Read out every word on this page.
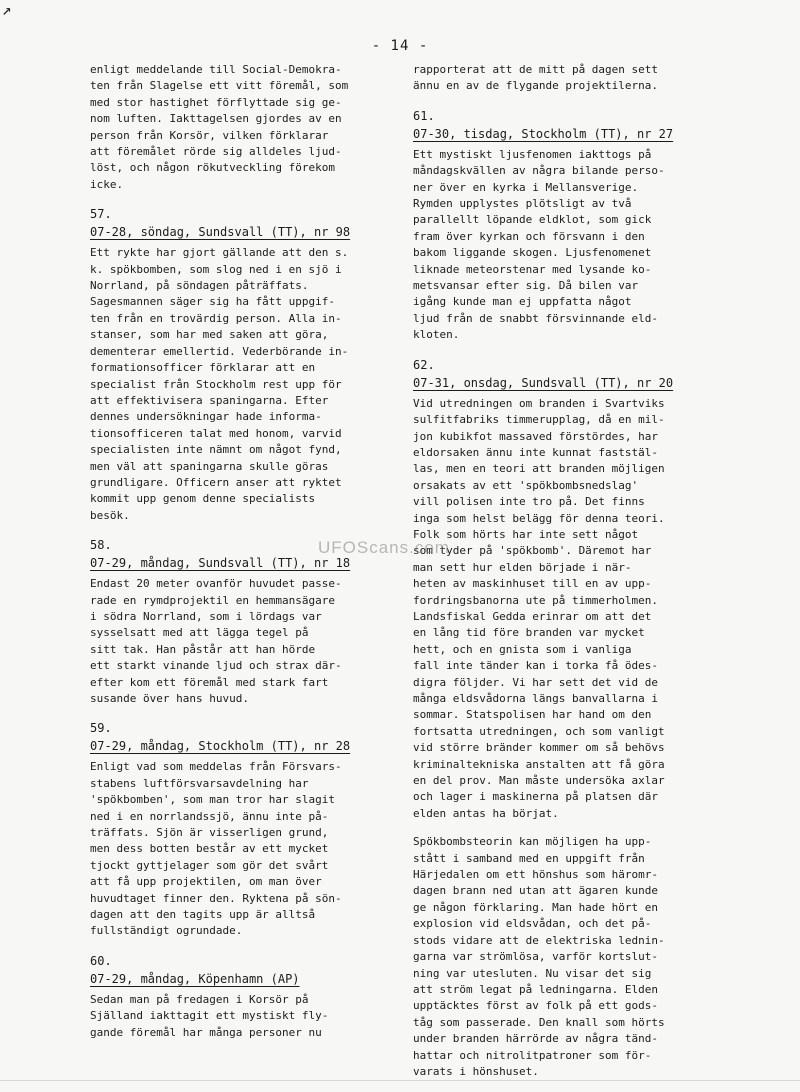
↗
- 14 -
enligt meddelande till Social-Demokra-
ten från Slagelse ett vitt föremål, som
med stor hastighet förflyttade sig ge-
nom luften. Iakttagelsen gjordes av en
person från Korsör, vilken förklarar
att föremålet rörde sig alldeles ljud-
löst, och någon rökutveckling förekom
icke.
57.
07-28, söndag, Sundsvall (TT), nr 98
Ett rykte har gjort gällande att den s.
k. spökbomben, som slog ned i en sjö i
Norrland, på söndagen påträffats.
Sagesmannen säger sig ha fått uppgif-
ten från en trovärdig person. Alla in-
stanser, som har med saken att göra,
dementerar emellertid. Vederbörande in-
formationsofficer förklarar att en
specialist från Stockholm rest upp för
att effektivisera spaningarna. Efter
dennes undersökningar hade informa-
tionsofficeren talat med honom, varvid
specialisten inte nämnt om något fynd,
men väl att spaningarna skulle göras
grundligare. Officern anser att ryktet
kommit upp genom denne specialists
besök.
58.
07-29, måndag, Sundsvall (TT), nr 18
Endast 20 meter ovanför huvudet passe-
rade en rymdprojektil en hemmansägare
i södra Norrland, som i lördags var
sysselsatt med att lägga tegel på
sitt tak. Han påstår att han hörde
ett starkt vinande ljud och strax där-
efter kom ett föremål med stark fart
susande över hans huvud.
59.
07-29, måndag, Stockholm (TT), nr 28
Enligt vad som meddelas från Försvars-
stabens luftförsvarsavdelning har
'spökbomben', som man tror har slagit
ned i en norrlandssjö, ännu inte på-
träffats. Sjön är visserligen grund,
men dess botten består av ett mycket
tjockt gyttjelager som gör det svårt
att få upp projektilen, om man över
huvudtaget finner den. Ryktena på sön-
dagen att den tagits upp är alltså
fullständigt ogrundade.
60.
07-29, måndag, Köpenhamn (AP)
Sedan man på fredagen i Korsör på
Själland iakttagit ett mystiskt fly-
gande föremål har många personer nu
rapporterat att de mitt på dagen sett
ännu en av de flygande projektilerna.
61.
07-30, tisdag, Stockholm (TT), nr 27
Ett mystiskt ljusfenomen iakttogs på
måndagskvällen av några bilande perso-
ner över en kyrka i Mellansverige.
Rymden upplystes plötsligt av två
parallellt löpande eldklot, som gick
fram över kyrkan och försvann i den
bakom liggande skogen. Ljusfenomenet
liknade meteorstenar med lysande ko-
metsvansar efter sig. Då bilen var
igång kunde man ej uppfatta något
ljud från de snabbt försvinnande eld-
kloten.
62.
07-31, onsdag, Sundsvall (TT), nr 20
Vid utredningen om branden i Svartviks
sulfitfabriks timmerupplag, då en mil-
jon kubikfot massaved förstördes, har
eldorsaken ännu inte kunnat faststäl-
las, men en teori att branden möjligen
orsakats av ett 'spökbombsnedslag'
vill polisen inte tro på. Det finns
inga som helst belägg för denna teori.
Folk som hörts har inte sett något
som tyder på 'spökbomb'. Däremot har
man sett hur elden började i när-
heten av maskinhuset till en av upp-
fordringsbanorna ute på timmerholmen.
Landsfiskal Gedda erinrar om att det
en lång tid före branden var mycket
hett, och en gnista som i vanliga
fall inte tänder kan i torka få ödes-
digra följder. Vi har sett det vid de
många eldsvådorna längs banvallarna i
sommar. Statspolisen har hand om den
fortsatta utredningen, och som vanligt
vid större bränder kommer om så behövs
kriminaltekniska anstalten att få göra
en del prov. Man måste undersöka axlar
och lager i maskinerna på platsen där
elden antas ha börjat.
Spökbombsteorin kan möjligen ha upp-
stått i samband med en uppgift från
Härjedalen om ett hönshus som häromr-
dagen brann ned utan att ägaren kunde
ge någon förklaring. Man hade hört en
explosion vid eldsvådan, och det på-
stods vidare att de elektriska lednin-
garna var strömlösa, varför kortslut-
ning var utesluten. Nu visar det sig
att ström legat på ledningarna. Elden
upptäcktes först av folk på ett gods-
tåg som passerade. Den knall som hörts
under branden härrörde av några tänd-
hattar och nitrolitpatroner som för-
varats i hönshuset.
UFOScans.com
